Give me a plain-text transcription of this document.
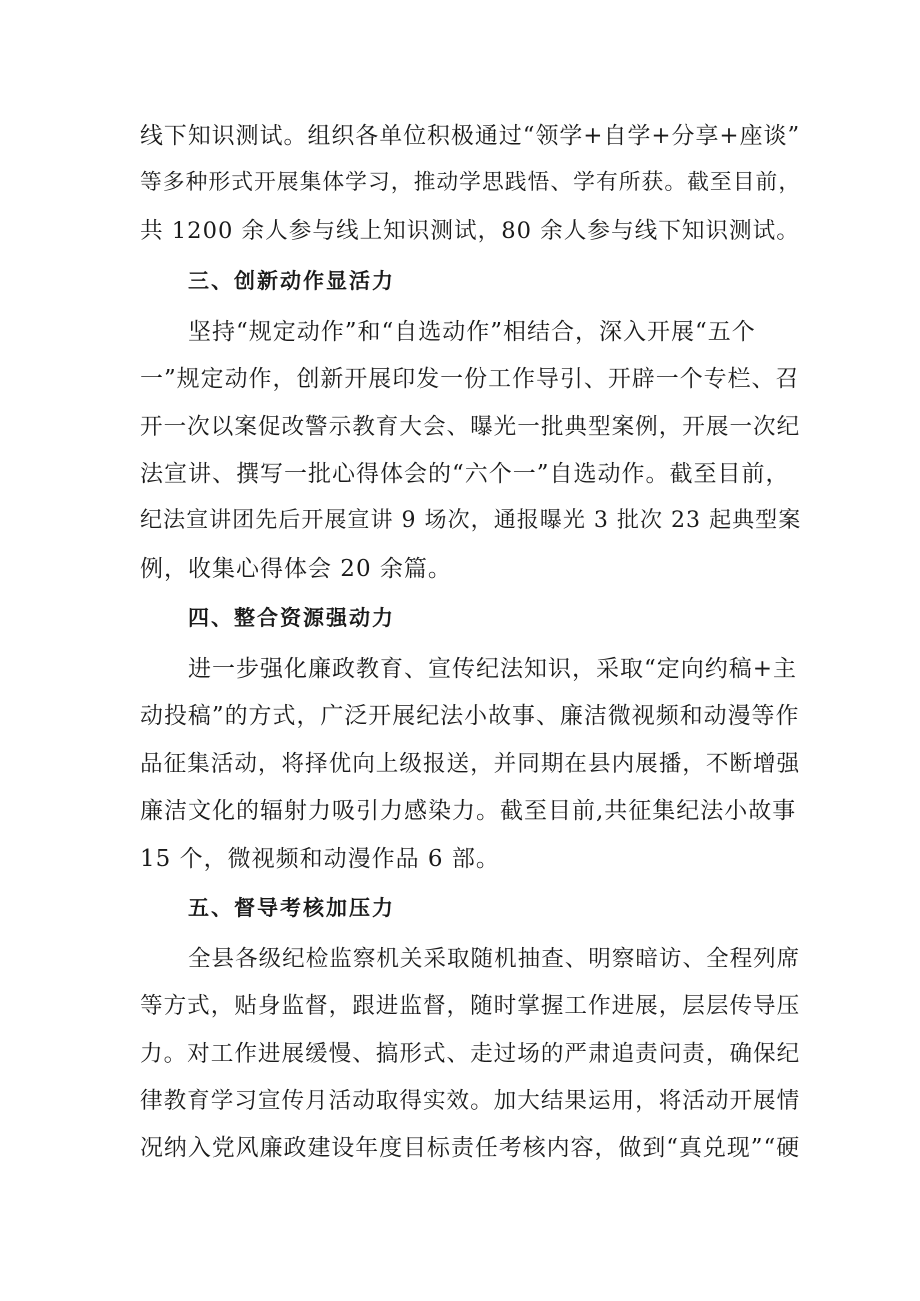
线下知识测试。组织各单位积极通过“领学+自学+分享+座谈”
等多种形式开展集体学习，推动学思践悟、学有所获。截至目前，
共 1200 余人参与线上知识测试，80 余人参与线下知识测试。
三、创新动作显活力
坚持“规定动作”和“自选动作”相结合，深入开展“五个
一”规定动作，创新开展印发一份工作导引、开辟一个专栏、召
开一次以案促改警示教育大会、曝光一批典型案例，开展一次纪
法宣讲、撰写一批心得体会的“六个一”自选动作。截至目前，
纪法宣讲团先后开展宣讲 9 场次，通报曝光 3 批次 23 起典型案
例，收集心得体会 20 余篇。
四、整合资源强动力
进一步强化廉政教育、宣传纪法知识，采取“定向约稿+主
动投稿”的方式，广泛开展纪法小故事、廉洁微视频和动漫等作
品征集活动，将择优向上级报送，并同期在县内展播，不断增强
廉洁文化的辐射力吸引力感染力。截至目前,共征集纪法小故事
15 个，微视频和动漫作品 6 部。
五、督导考核加压力
全县各级纪检监察机关采取随机抽查、明察暗访、全程列席
等方式，贴身监督，跟进监督，随时掌握工作进展，层层传导压
力。对工作进展缓慢、搞形式、走过场的严肃追责问责，确保纪
律教育学习宣传月活动取得实效。加大结果运用，将活动开展情
况纳入党风廉政建设年度目标责任考核内容，做到“真兑现”“硬
